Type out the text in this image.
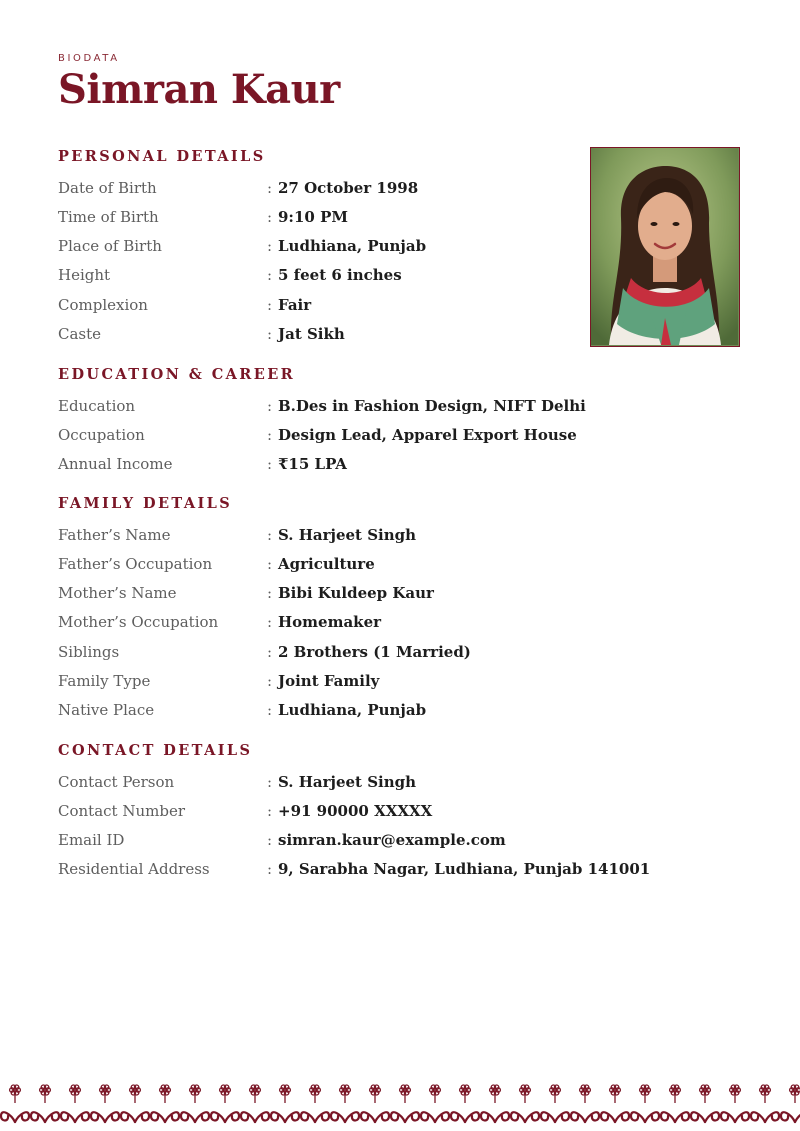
BIODATA
Simran Kaur
PERSONAL DETAILS
Date of Birth	: 27 October 1998
Time of Birth	: 9:10 PM
Place of Birth	: Ludhiana, Punjab
Height	: 5 feet 6 inches
Complexion	: Fair
Caste	: Jat Sikh
EDUCATION & CAREER
Education	: B.Des in Fashion Design, NIFT Delhi
Occupation	: Design Lead, Apparel Export House
Annual Income	: ₹15 LPA
FAMILY DETAILS
Father’s Name	: S. Harjeet Singh
Father’s Occupation	: Agriculture
Mother’s Name	: Bibi Kuldeep Kaur
Mother’s Occupation	: Homemaker
Siblings	: 2 Brothers (1 Married)
Family Type	: Joint Family
Native Place	: Ludhiana, Punjab
CONTACT DETAILS
Contact Person	: S. Harjeet Singh
Contact Number	: +91 90000 XXXXX
Email ID	: simran.kaur@example.com
Residential Address	: 9, Sarabha Nagar, Ludhiana, Punjab 141001
